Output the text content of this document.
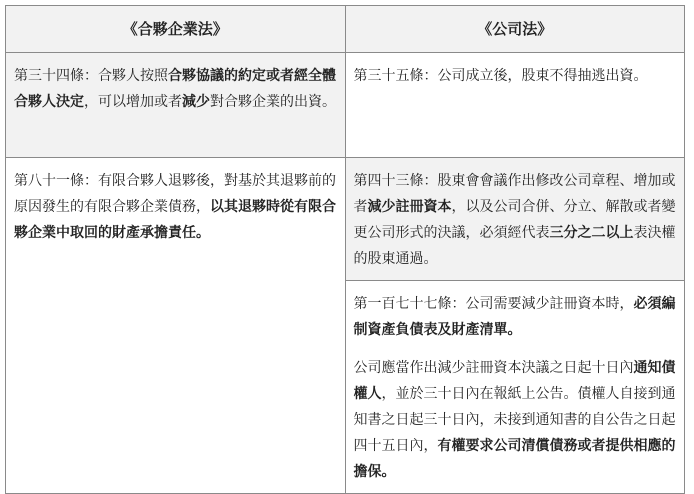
《合夥企業法》	《公司法》

第三十四條：合夥人按照合夥協議的約定或者經全體合夥人決定，可以增加或者減少對合夥企業的出資。	第三十五條：公司成立後，股東不得抽逃出資。

第八十一條：有限合夥人退夥後，對基於其退夥前的原因發生的有限合夥企業債務，以其退夥時從有限合夥企業中取回的財產承擔責任。	第四十三條：股東會會議作出修改公司章程、增加或者減少註冊資本，以及公司合併、分立、解散或者變更公司形式的決議，必須經代表三分之二以上表決權的股東通過。

	第一百七十七條：公司需要減少註冊資本時，必須編制資產負債表及財產清單。

公司應當作出減少註冊資本決議之日起十日內通知債權人，並於三十日內在報紙上公告。債權人自接到通知書之日起三十日內，未接到通知書的自公告之日起四十五日內，有權要求公司清償債務或者提供相應的擔保。
